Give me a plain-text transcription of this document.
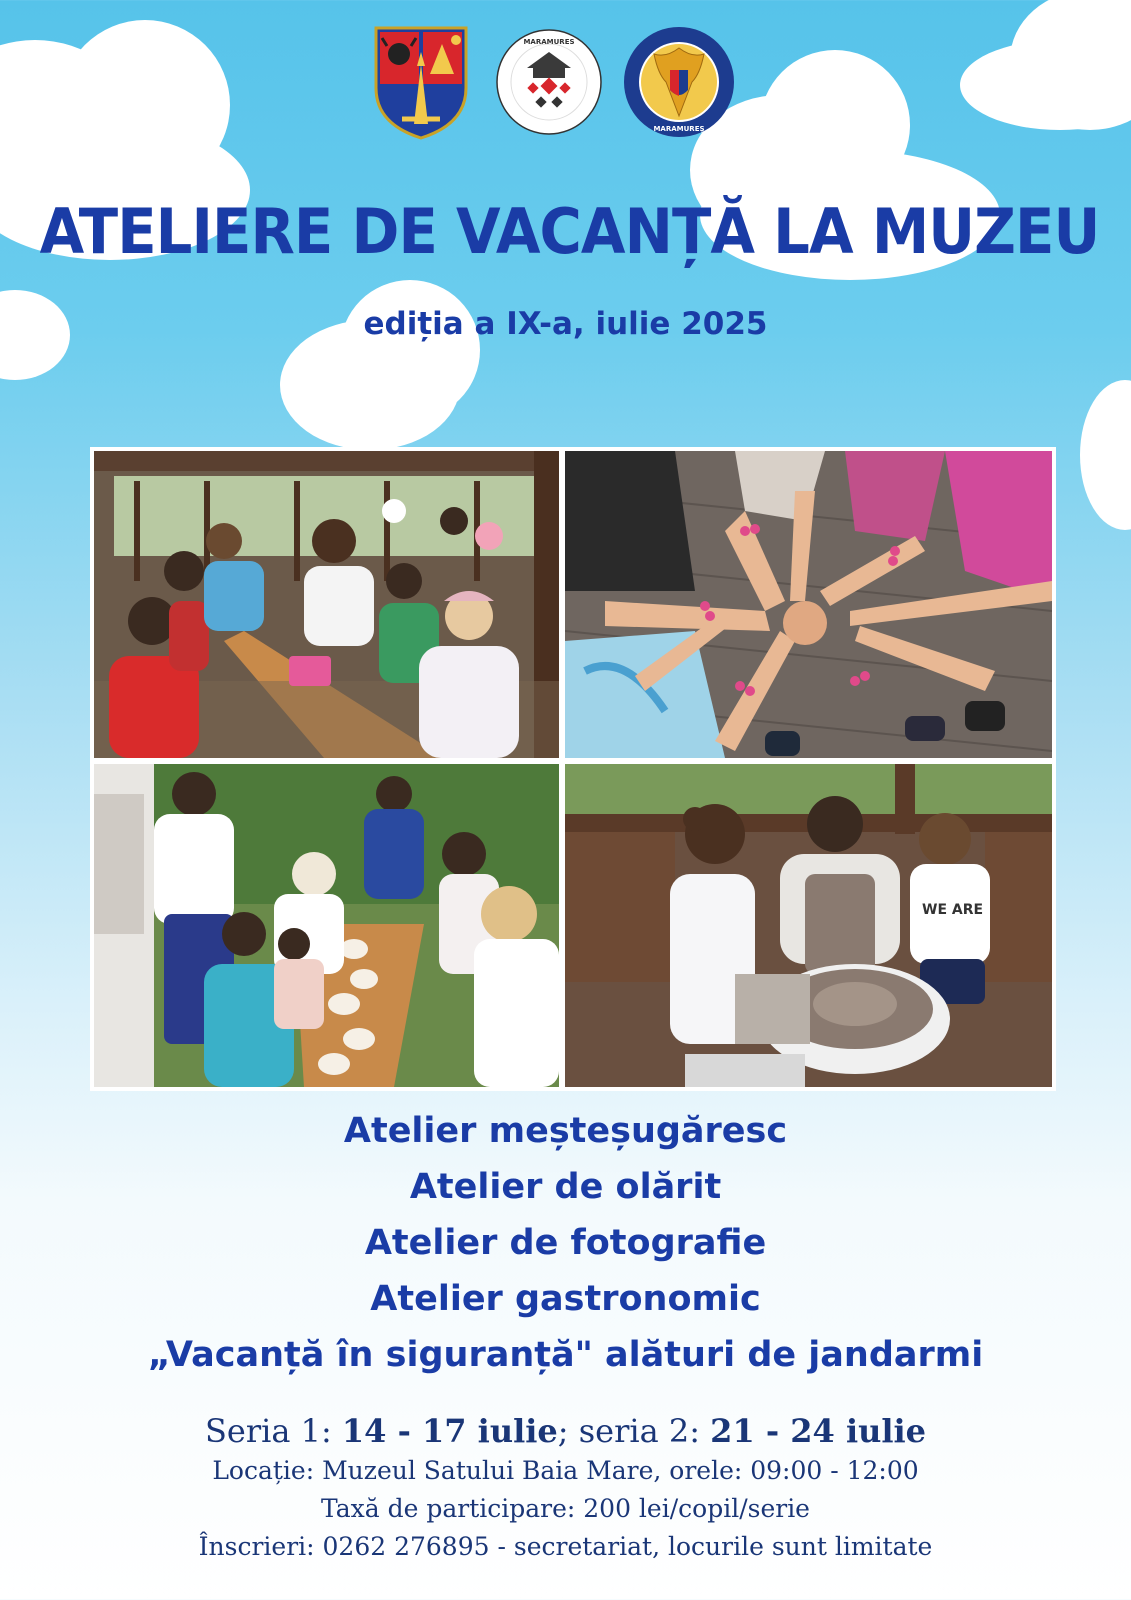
MARAMURES
MARAMUREȘ
ATELIERE DE VACANȚĂ LA MUZEU
ediția a IX-a, iulie 2025
WE ARE
Atelier meșteșugăresc
Atelier de olărit
Atelier de fotografie
Atelier gastronomic
„Vacanță în siguranță" alături de jandarmi
Seria 1: 14 - 17 iulie; seria 2: 21 - 24 iulie
Locație: Muzeul Satului Baia Mare, orele: 09:00 - 12:00
Taxă de participare: 200 lei/copil/serie
Înscrieri: 0262 276895 - secretariat, locurile sunt limitate
